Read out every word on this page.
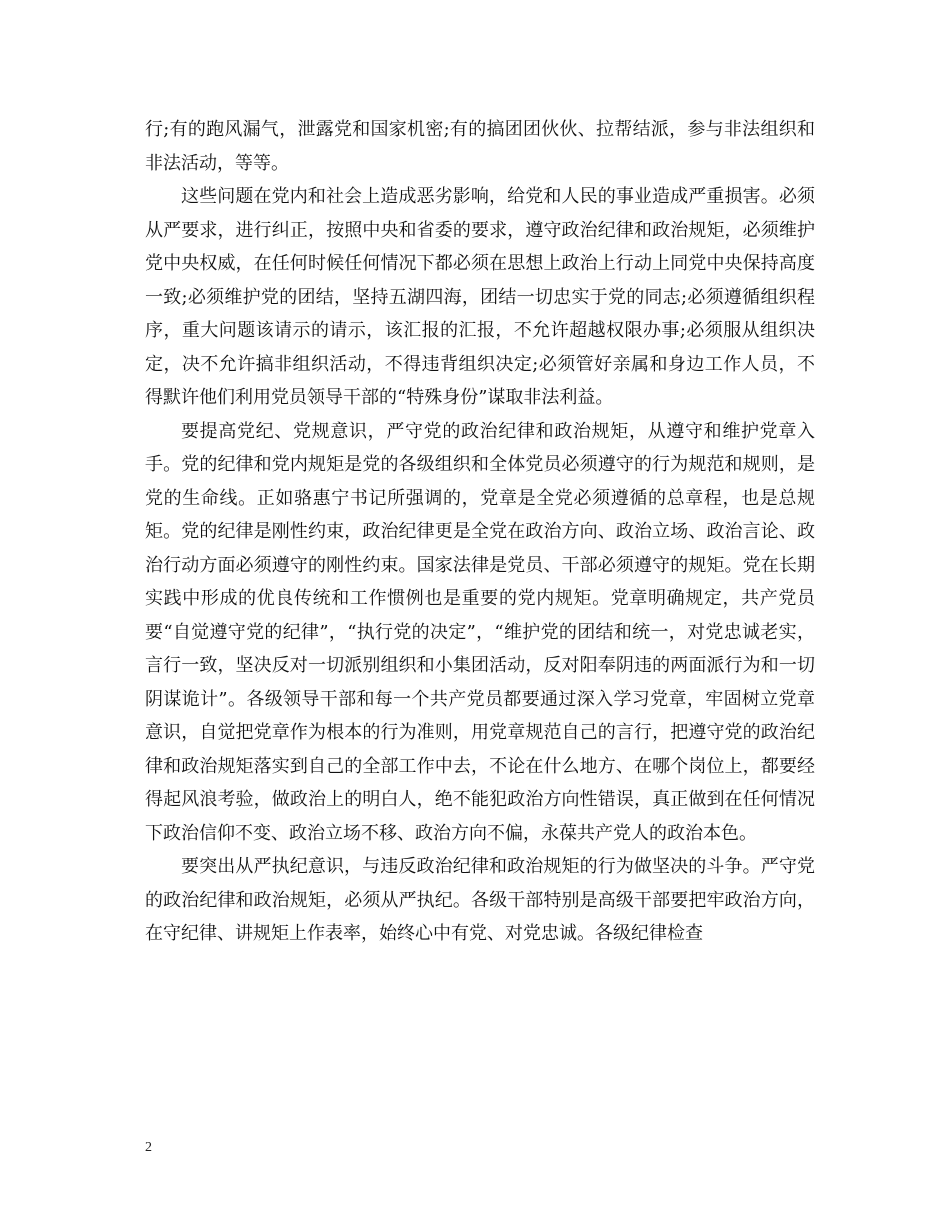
行;有的跑风漏气，泄露党和国家机密;有的搞团团伙伙、拉帮结派，参与非法组织和非法活动，等等。

这些问题在党内和社会上造成恶劣影响，给党和人民的事业造成严重损害。必须从严要求，进行纠正，按照中央和省委的要求，遵守政治纪律和政治规矩，必须维护党中央权威，在任何时候任何情况下都必须在思想上政治上行动上同党中央保持高度一致;必须维护党的团结，坚持五湖四海，团结一切忠实于党的同志;必须遵循组织程序，重大问题该请示的请示，该汇报的汇报，不允许超越权限办事;必须服从组织决定，决不允许搞非组织活动，不得违背组织决定;必须管好亲属和身边工作人员，不得默许他们利用党员领导干部的“特殊身份”谋取非法利益。

要提高党纪、党规意识，严守党的政治纪律和政治规矩，从遵守和维护党章入手。党的纪律和党内规矩是党的各级组织和全体党员必须遵守的行为规范和规则，是党的生命线。正如骆惠宁书记所强调的，党章是全党必须遵循的总章程，也是总规矩。党的纪律是刚性约束，政治纪律更是全党在政治方向、政治立场、政治言论、政治行动方面必须遵守的刚性约束。国家法律是党员、干部必须遵守的规矩。党在长期实践中形成的优良传统和工作惯例也是重要的党内规矩。党章明确规定，共产党员要“自觉遵守党的纪律”，“执行党的决定”，“维护党的团结和统一，对党忠诚老实，言行一致，坚决反对一切派别组织和小集团活动，反对阳奉阴违的两面派行为和一切阴谋诡计”。各级领导干部和每一个共产党员都要通过深入学习党章，牢固树立党章意识，自觉把党章作为根本的行为准则，用党章规范自己的言行，把遵守党的政治纪律和政治规矩落实到自己的全部工作中去，不论在什么地方、在哪个岗位上，都要经得起风浪考验，做政治上的明白人，绝不能犯政治方向性错误，真正做到在任何情况下政治信仰不变、政治立场不移、政治方向不偏，永葆共产党人的政治本色。

要突出从严执纪意识，与违反政治纪律和政治规矩的行为做坚决的斗争。严守党的政治纪律和政治规矩，必须从严执纪。各级干部特别是高级干部要把牢政治方向，在守纪律、讲规矩上作表率，始终心中有党、对党忠诚。各级纪律检查

2
